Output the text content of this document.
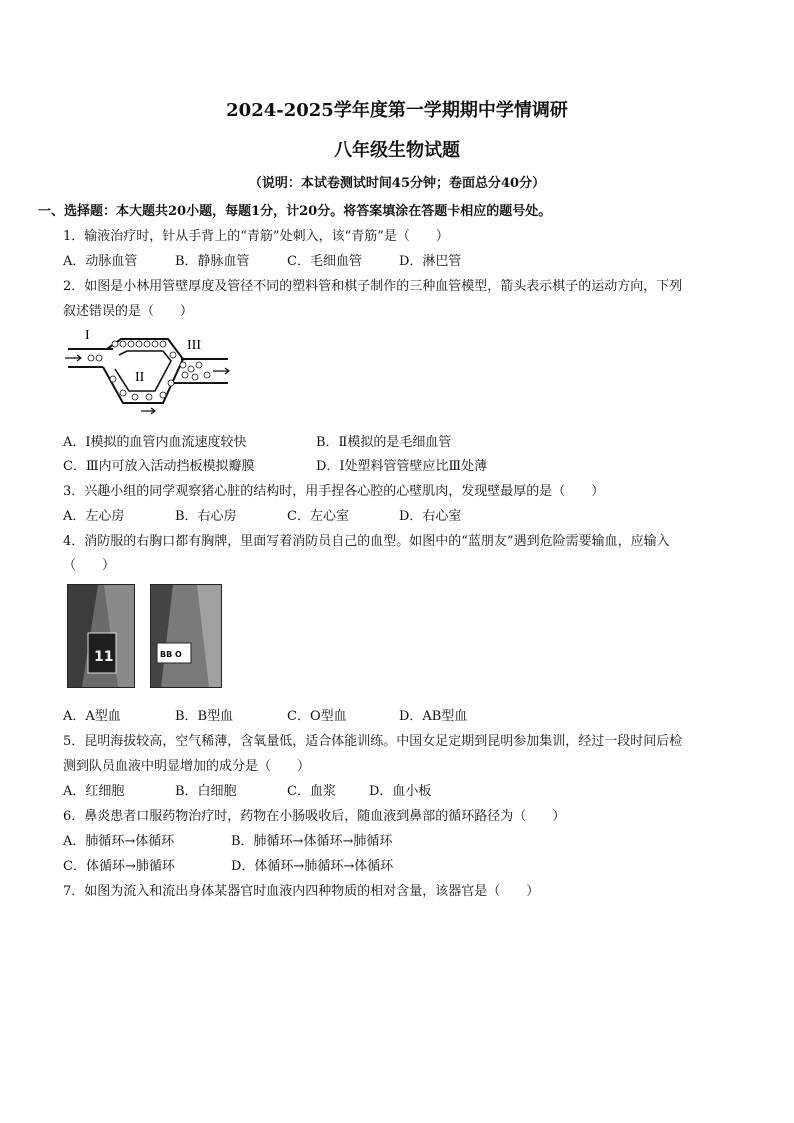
2024-2025学年度第一学期期中学情调研
八年级生物试题
（说明：本试卷测试时间45分钟；卷面总分40分）
一、选择题：本大题共20小题，每题1分，计20分。将答案填涂在答题卡相应的题号处。
1．输液治疗时，针从手背上的“青筋”处刺入，该“青筋”是（　　）
A．动脉血管	B．静脉血管	C．毛细血管	D．淋巴管
2．如图是小林用管壁厚度及管径不同的塑料管和棋子制作的三种血管模型，箭头表示棋子的运动方向，下列
叙述错误的是（　　）
I
II
III
A．I模拟的血管内血流速度较快	B．Ⅱ模拟的是毛细血管
C．Ⅲ内可放入活动挡板模拟瓣膜	D．I处塑料管管壁应比Ⅲ处薄
3．兴趣小组的同学观察猪心脏的结构时，用手捏各心腔的心壁肌肉，发现壁最厚的是（　　）
A．左心房	B．右心房	C．左心室	D．右心室
4．消防服的右胸口都有胸牌，里面写着消防员自己的血型。如图中的“蓝朋友”遇到危险需要输血，应输入
（　　）
11	BB O
A．A型血	B．B型血	C．O型血	D．AB型血
5．昆明海拔较高，空气稀薄，含氧量低，适合体能训练。中国女足定期到昆明参加集训，经过一段时间后检
测到队员血液中明显增加的成分是（　　）
A．红细胞	B．白细胞	C．血浆	D．血小板
6．鼻炎患者口服药物治疗时，药物在小肠吸收后，随血液到鼻部的循环路径为（　　）
A．肺循环→体循环	B．肺循环→体循环→肺循环
C．体循环→肺循环	D．体循环→肺循环→体循环
7．如图为流入和流出身体某器官时血液内四种物质的相对含量，该器官是（　　）
